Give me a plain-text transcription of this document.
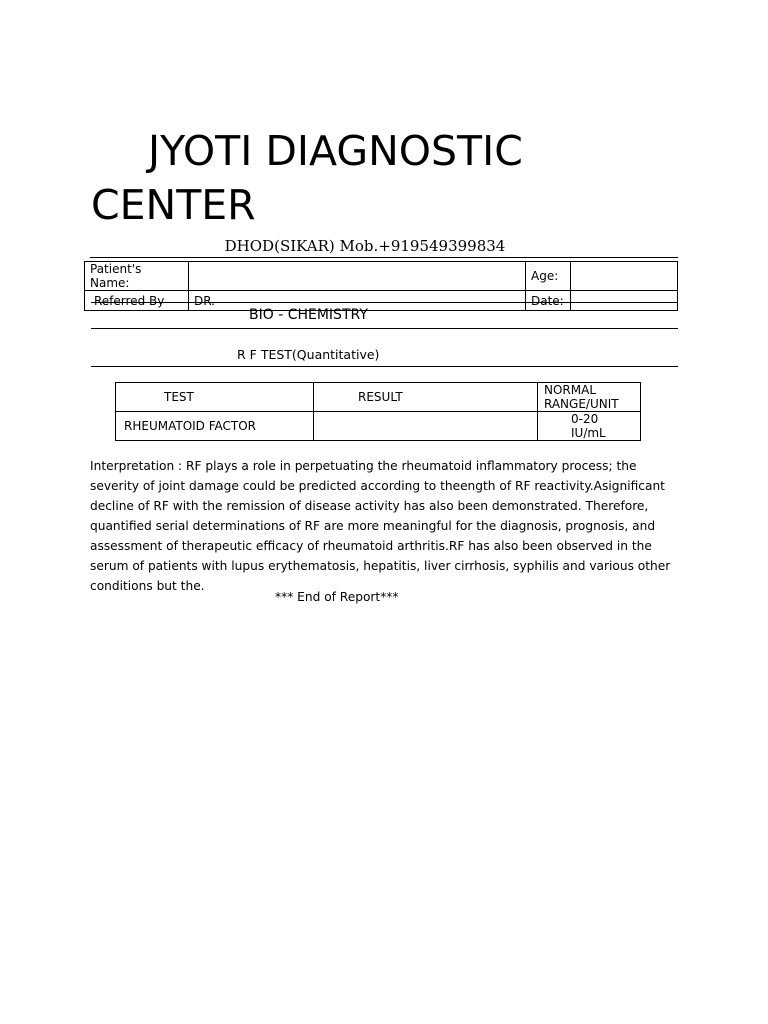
JYOTI DIAGNOSTIC CENTER
DHOD(SIKAR) Mob.+919549399834
Patient's Name:		Age:	
Referred By	DR.	Date:	
BIO - CHEMISTRY
R F TEST(Quantitative)
TEST	RESULT	NORMAL RANGE/UNIT
RHEUMATOID FACTOR		0-20 IU/mL
Interpretation : RF plays a role in perpetuating the rheumatoid inflammatory process; the severity of joint damage could be predicted according to theength of RF reactivity.Asignificant decline of RF with the remission of disease activity has also been demonstrated. Therefore, quantified serial determinations of RF are more meaningful for the diagnosis, prognosis, and assessment of therapeutic efficacy of rheumatoid arthritis.RF has also been observed in the serum of patients with lupus erythematosis, hepatitis, liver cirrhosis, syphilis and various other conditions but the.
*** End of Report***
